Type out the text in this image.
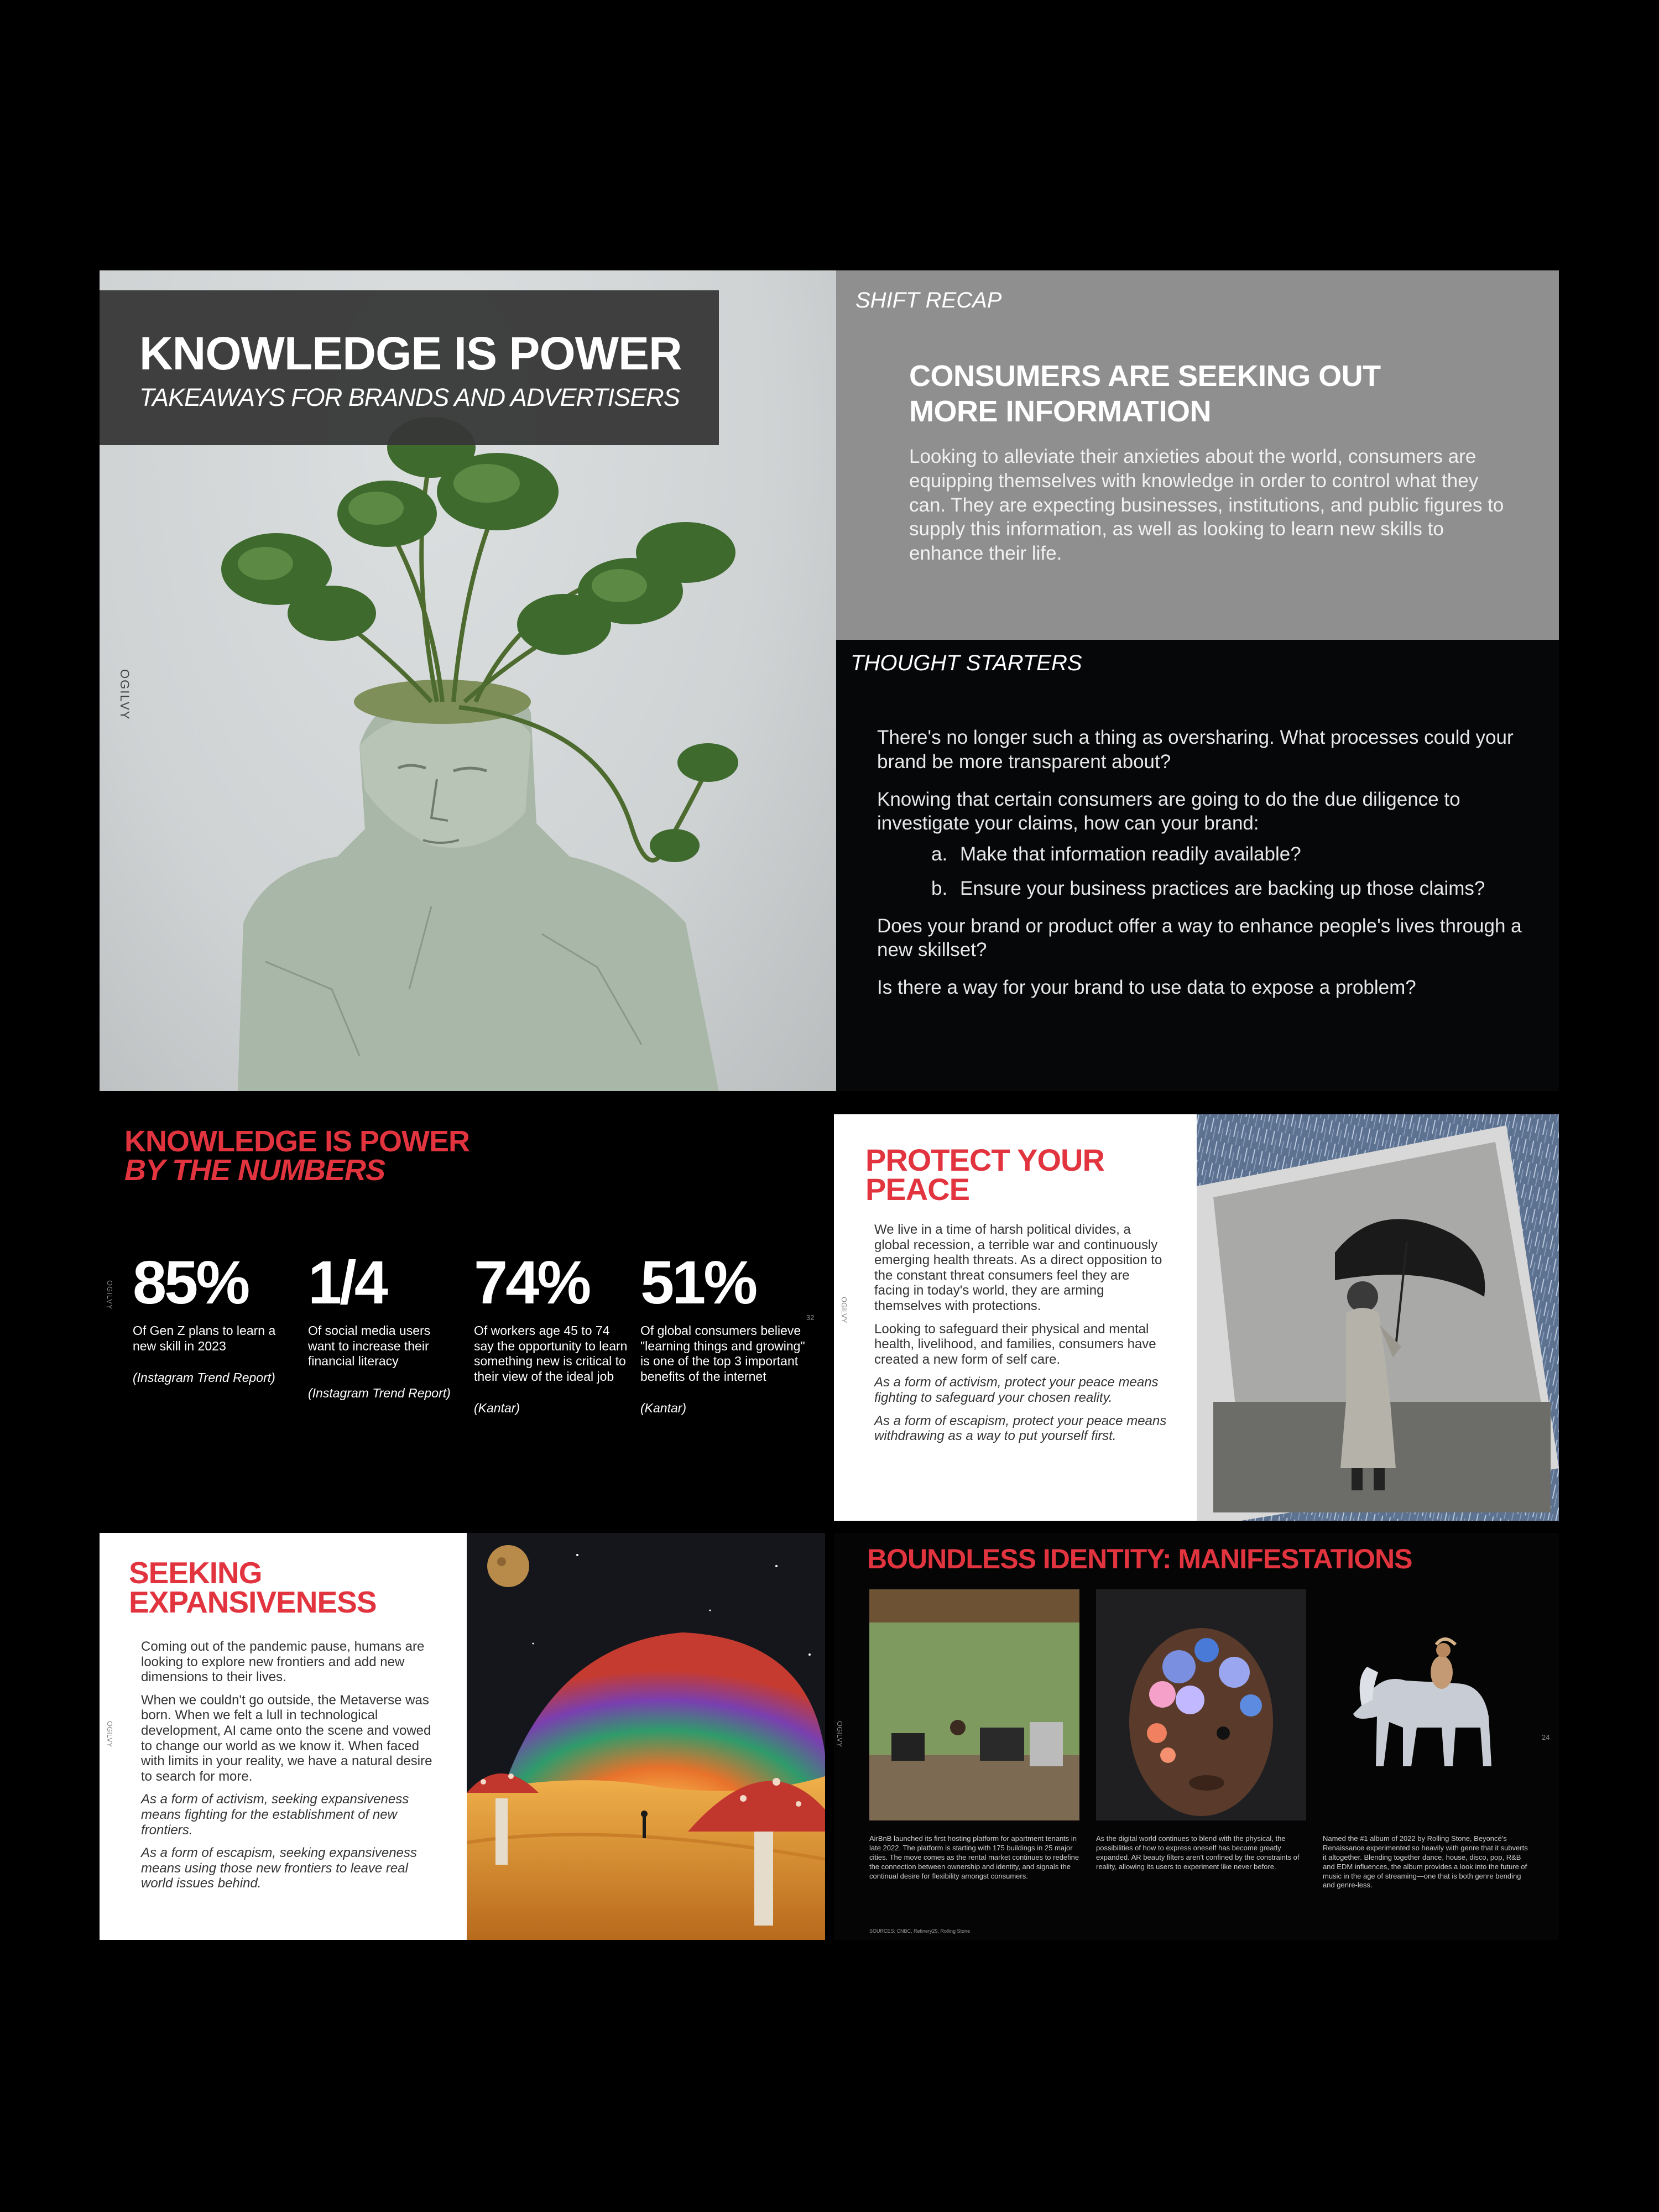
OGILVY
KNOWLEDGE IS POWER
TAKEAWAYS FOR BRANDS AND ADVERTISERS
SHIFT RECAP
CONSUMERS ARE SEEKING OUT
MORE INFORMATION
Looking to alleviate their anxieties about the world, consumers are equipping themselves with knowledge in order to control what they can. They are expecting businesses, institutions, and public figures to supply this information, as well as looking to learn new skills to enhance their life.
THOUGHT STARTERS

There's no longer such a thing as oversharing. What processes could your brand be more transparent about?

Knowing that certain consumers are going to do the due diligence to investigate your claims, how can your brand:

a. Make that information readily available?
b. Ensure your business practices are backing up those claims?

Does your brand or product offer a way to enhance people's lives through a new skillset?

Is there a way for your brand to use data to expose a problem?

KNOWLEDGE IS POWER
BY THE NUMBERS
OGILVY
32
85%
Of Gen Z plans to learn a new skill in 2023
(Instagram Trend Report)
1/4
Of social media users want to increase their financial literacy
(Instagram Trend Report)
74%
Of workers age 45 to 74 say the opportunity to learn something new is critical to their view of the ideal job
(Kantar)
51%
Of global consumers believe "learning things and growing" is one of the top 3 important benefits of the internet
(Kantar)
PROTECT YOUR
PEACE
OGILVY

We live in a time of harsh political divides, a global recession, a terrible war and continuously emerging health threats. As a direct opposition to the constant threat consumers feel they are facing in today's world, they are arming themselves with protections.

Looking to safeguard their physical and mental health, livelihood, and families, consumers have created a new form of self care.

As a form of activism, protect your peace means fighting to safeguard your chosen reality.

As a form of escapism, protect your peace means withdrawing as a way to put yourself first.

SEEKING
EXPANSIVENESS
OGILVY

Coming out of the pandemic pause, humans are looking to explore new frontiers and add new dimensions to their lives.

When we couldn't go outside, the Metaverse was born. When we felt a lull in technological development, AI came onto the scene and vowed to change our world as we know it. When faced with limits in your reality, we have a natural desire to search for more.

As a form of activism, seeking expansiveness means fighting for the establishment of new frontiers.

As a form of escapism, seeking expansiveness means using those new frontiers to leave real world issues behind.

BOUNDLESS IDENTITY: MANIFESTATIONS
OGILVY	24
AirBnB launched its first hosting platform for apartment tenants in late 2022. The platform is starting with 175 buildings in 25 major cities. The move comes as the rental market continues to redefine the connection between ownership and identity, and signals the continual desire for flexibility amongst consumers.
As the digital world continues to blend with the physical, the possibilities of how to express oneself has become greatly expanded. AR beauty filters aren't confined by the constraints of reality, allowing its users to experiment like never before.
Named the #1 album of 2022 by Rolling Stone, Beyoncé's Renaissance experimented so heavily with genre that it subverts it altogether. Blending together dance, house, disco, pop, R&B and EDM influences, the album provides a look into the future of music in the age of streaming—one that is both genre bending and genre-less.
SOURCES: CNBC, Refinery29, Rolling Stone
